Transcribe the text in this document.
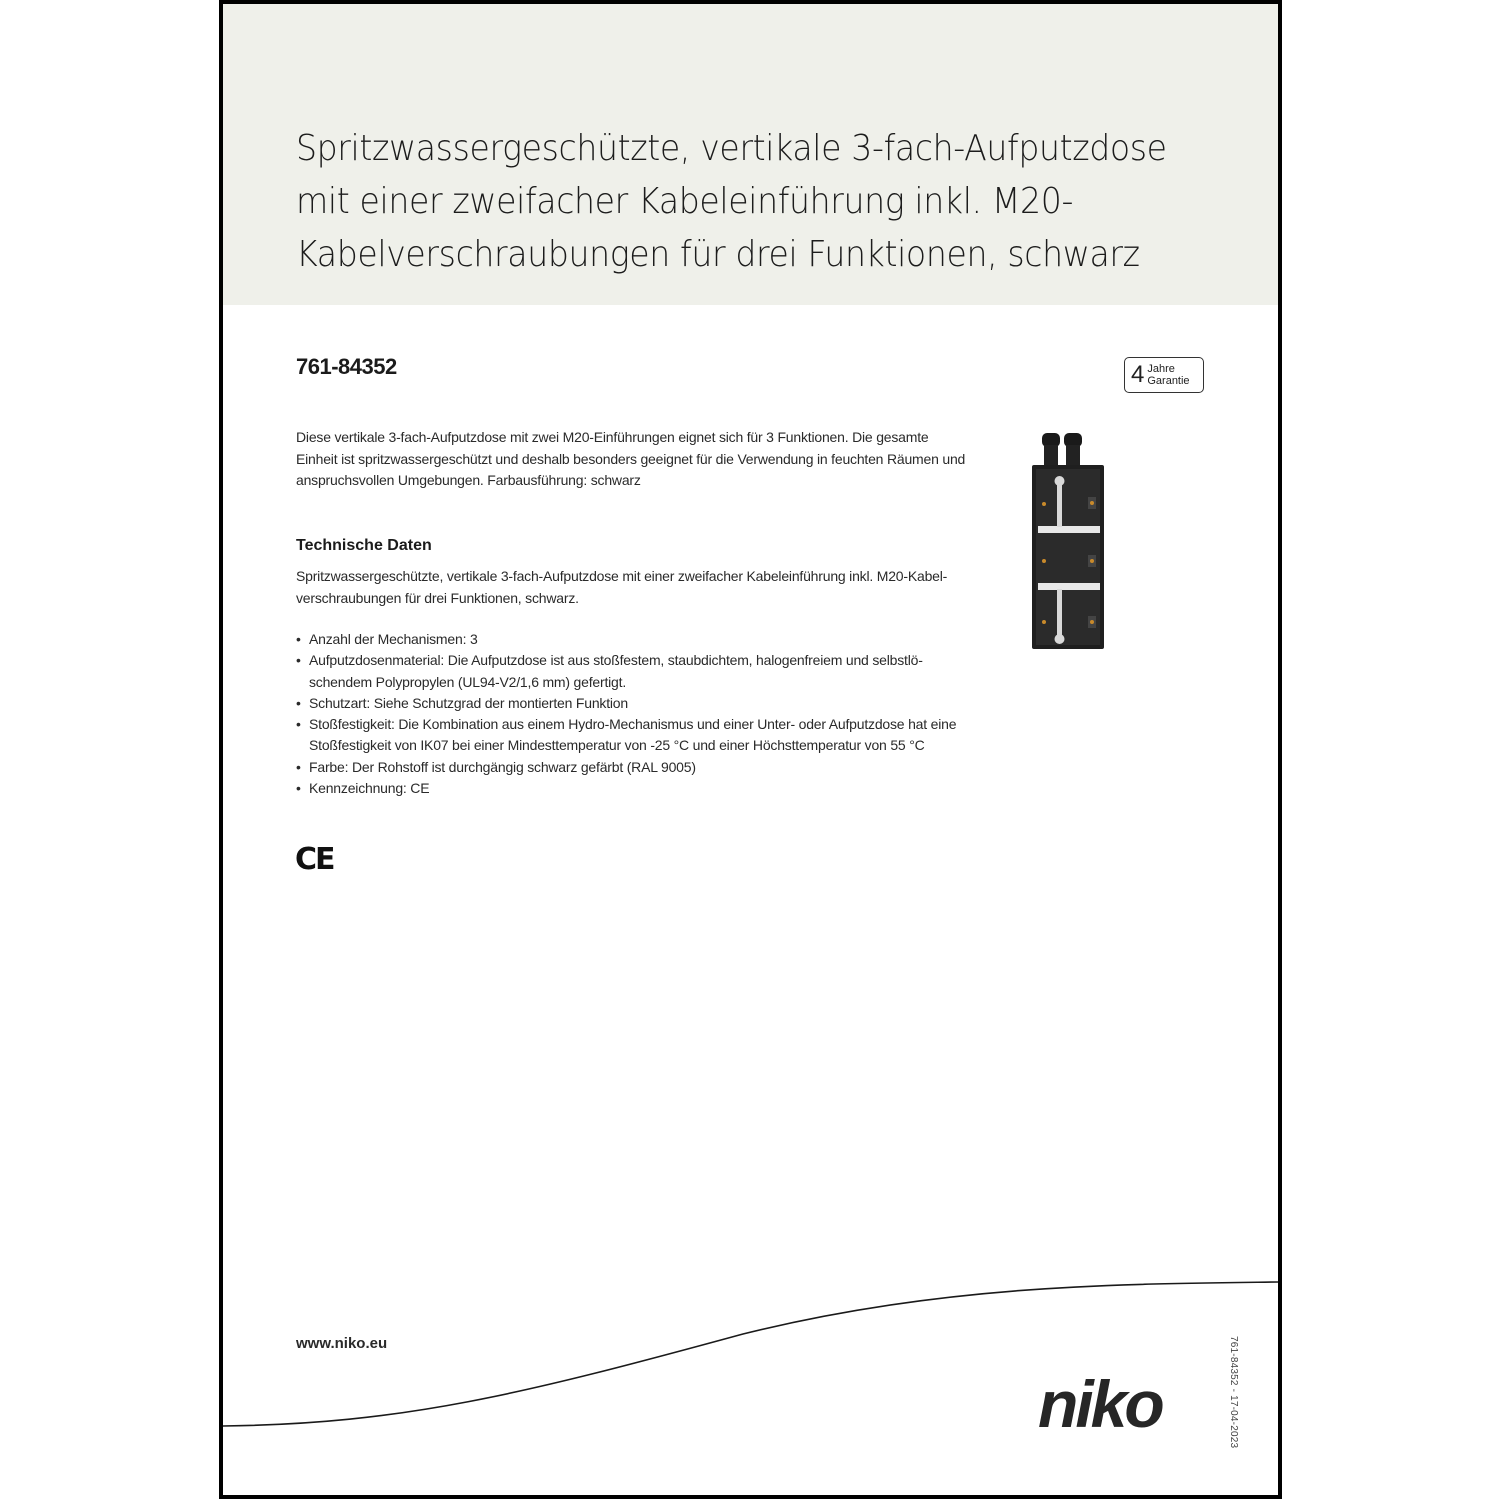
Spritzwassergeschützte, vertikale 3-fach-Aufputzdose
mit einer zweifacher Kabeleinführung inkl. M20-
Kabelverschraubungen für drei Funktionen, schwarz
761-84352	4 Jahre
Garantie

Diese vertikale 3-fach-Aufputzdose mit zwei M20-Einführungen eignet sich für 3 Funktionen. Die gesamte Einheit ist spritzwassergeschützt und deshalb besonders geeignet für die Verwendung in feuchten Räumen und anspruchsvollen Umgebungen. Farbausführung: schwarz

Technische Daten

Spritzwassergeschützte, vertikale 3-fach-Aufputzdose mit einer zweifacher Kabeleinführung inkl. M20-Kabel-verschraubungen für drei Funktionen, schwarz.

• Anzahl der Mechanismen: 3
• Aufputzdosenmaterial: Die Aufputzdose ist aus stoßfestem, staubdichtem, halogenfreiem und selbstlö-schendem Polypropylen (UL94-V2/1,6 mm) gefertigt.
• Schutzart: Siehe Schutzgrad der montierten Funktion
• Stoßfestigkeit: Die Kombination aus einem Hydro-Mechanismus und einer Unter- oder Aufputzdose hat eine Stoßfestigkeit von IK07 bei einer Mindesttemperatur von -25 °C und einer Höchsttemperatur von 55 °C
• Farbe: Der Rohstoff ist durchgängig schwarz gefärbt (RAL 9005)
• Kennzeichnung: CE
CE
www.niko.eu
niko	761-84352 - 17-04-2023
